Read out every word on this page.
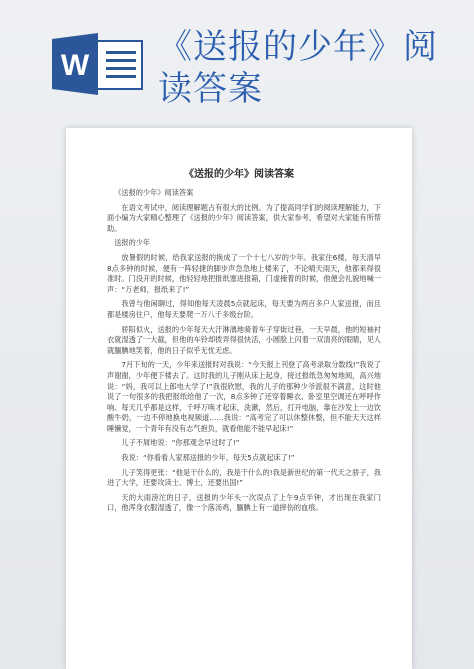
W 《送报的少年》阅读答案
《送报的少年》阅读答案

《送报的少年》阅读答案

在语文考试中，阅读理解题占有很大的比例。为了提高同学们的阅读理解能力，下面小编为大家精心整理了《送报的少年》阅读答案，供大家参考，希望对大家能有所帮助。

送报的少年

放暑假的时候，给我家送报的换成了一个十七八岁的少年。我家住6楼，每天清早8点多钟的时候，便有一阵轻捷的脚步声急急地上楼来了，不论晴天雨天，他都来得很准时。门没开的时候，他轻轻地把报纸塞进报箱，门虚掩着的时候，他便会礼貌地喊一声：“万老师，报纸来了!”

我曾与他闲聊过，得知他每天凌晨5点就起床，每天要为两百多户人家送报，而且都是楼房住户，他每天要爬一万八千多级台阶。

骄阳似火，送报的少年每天大汗淋漓地骑着车子穿街过巷，一天早晨，他的短袖衬衣就湿透了一大截，但他的车铃却拨弄得很快活，小圆脸上闪着一双清亮的眼睛，见人就腼腆地笑着，他的日子似乎无忧无虑。

7月下旬的一天，少年来送报时对我说：“今天报上刊登了高考录取分数线!”我说了声谢谢，少年便下楼去了。这时我的儿子刚从床上起身，接过报纸急匆匆地阅，高兴地说：“妈，我可以上郎电大学了!”我很欣慰，我的儿子的那种少爷派很不满意，这时他说了一句很多的我把报纸给他了一次，8点多钟了还穿着睡衣、卧室里空调还在呼呼作响。每天几乎都是这样，千呼万唤才起床，洗漱，然后，打开电脑，靠在沙发上一边饮酸牛奶，一边不停地换电视频道……我说：“高考完了可以休整休整，但不能天天这样睡懒觉，一个青年有没有志气抱负，就看他能不能早起床!”

儿子不屑地说：“你那观念早过时了!”

我说：“你看看人家那送报的少年，每天5点就起床了!”

儿子笑得更张：“他是干什么的，我是干什么的!我是新世纪的第一代天之骄子，我进了大学，还要攻读士、博士，还要出国!”

天的大雨滂沱的日子，送报的少年头一次误点了上午9点半钟，才出现在我家门口，他浑身衣服湿透了，像一个落汤鸡，腼腆上有一道摔伤的血痕。
